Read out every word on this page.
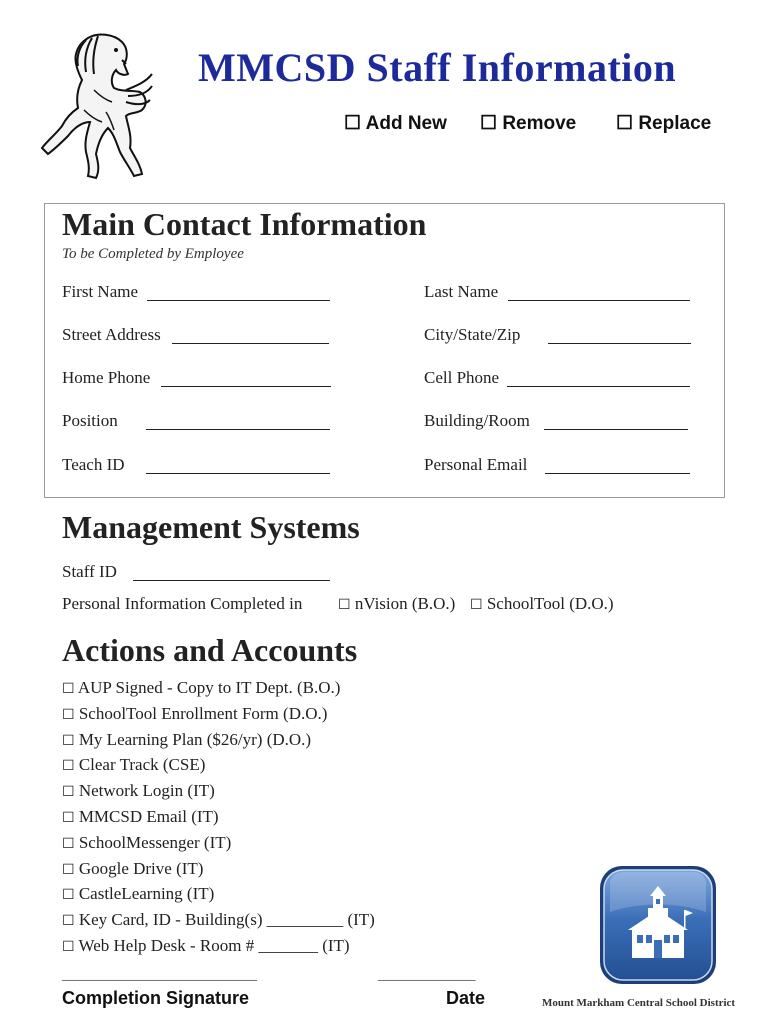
MMCSD Staff Information
☐ Add New ☐ Remove ☐ Replace
Main Contact Information
To be Completed by Employee
First Name	Last Name
Street Address	City/State/Zip
Home Phone	Cell Phone
Position	Building/Room
Teach ID	Personal Email
Management Systems
Staff ID
Personal Information Completed in	☐ nVision (B.O.) ☐ SchoolTool (D.O.)
Actions and Accounts
☐ AUP Signed - Copy to IT Dept. (B.O.)
☐ SchoolTool Enrollment Form (D.O.)
☐ My Learning Plan ($26/yr) (D.O.)
☐ Clear Track (CSE)
☐ Network Login (IT)
☐ MMCSD Email (IT)
☐ SchoolMessenger (IT)
☐ Google Drive (IT)
☐ CastleLearning (IT)
☐ Key Card, ID - Building(s) _________ (IT)
☐ Web Help Desk - Room # _______ (IT)
______________________________
Completion Signature
_______________
Date	Mount Markham Central School District
